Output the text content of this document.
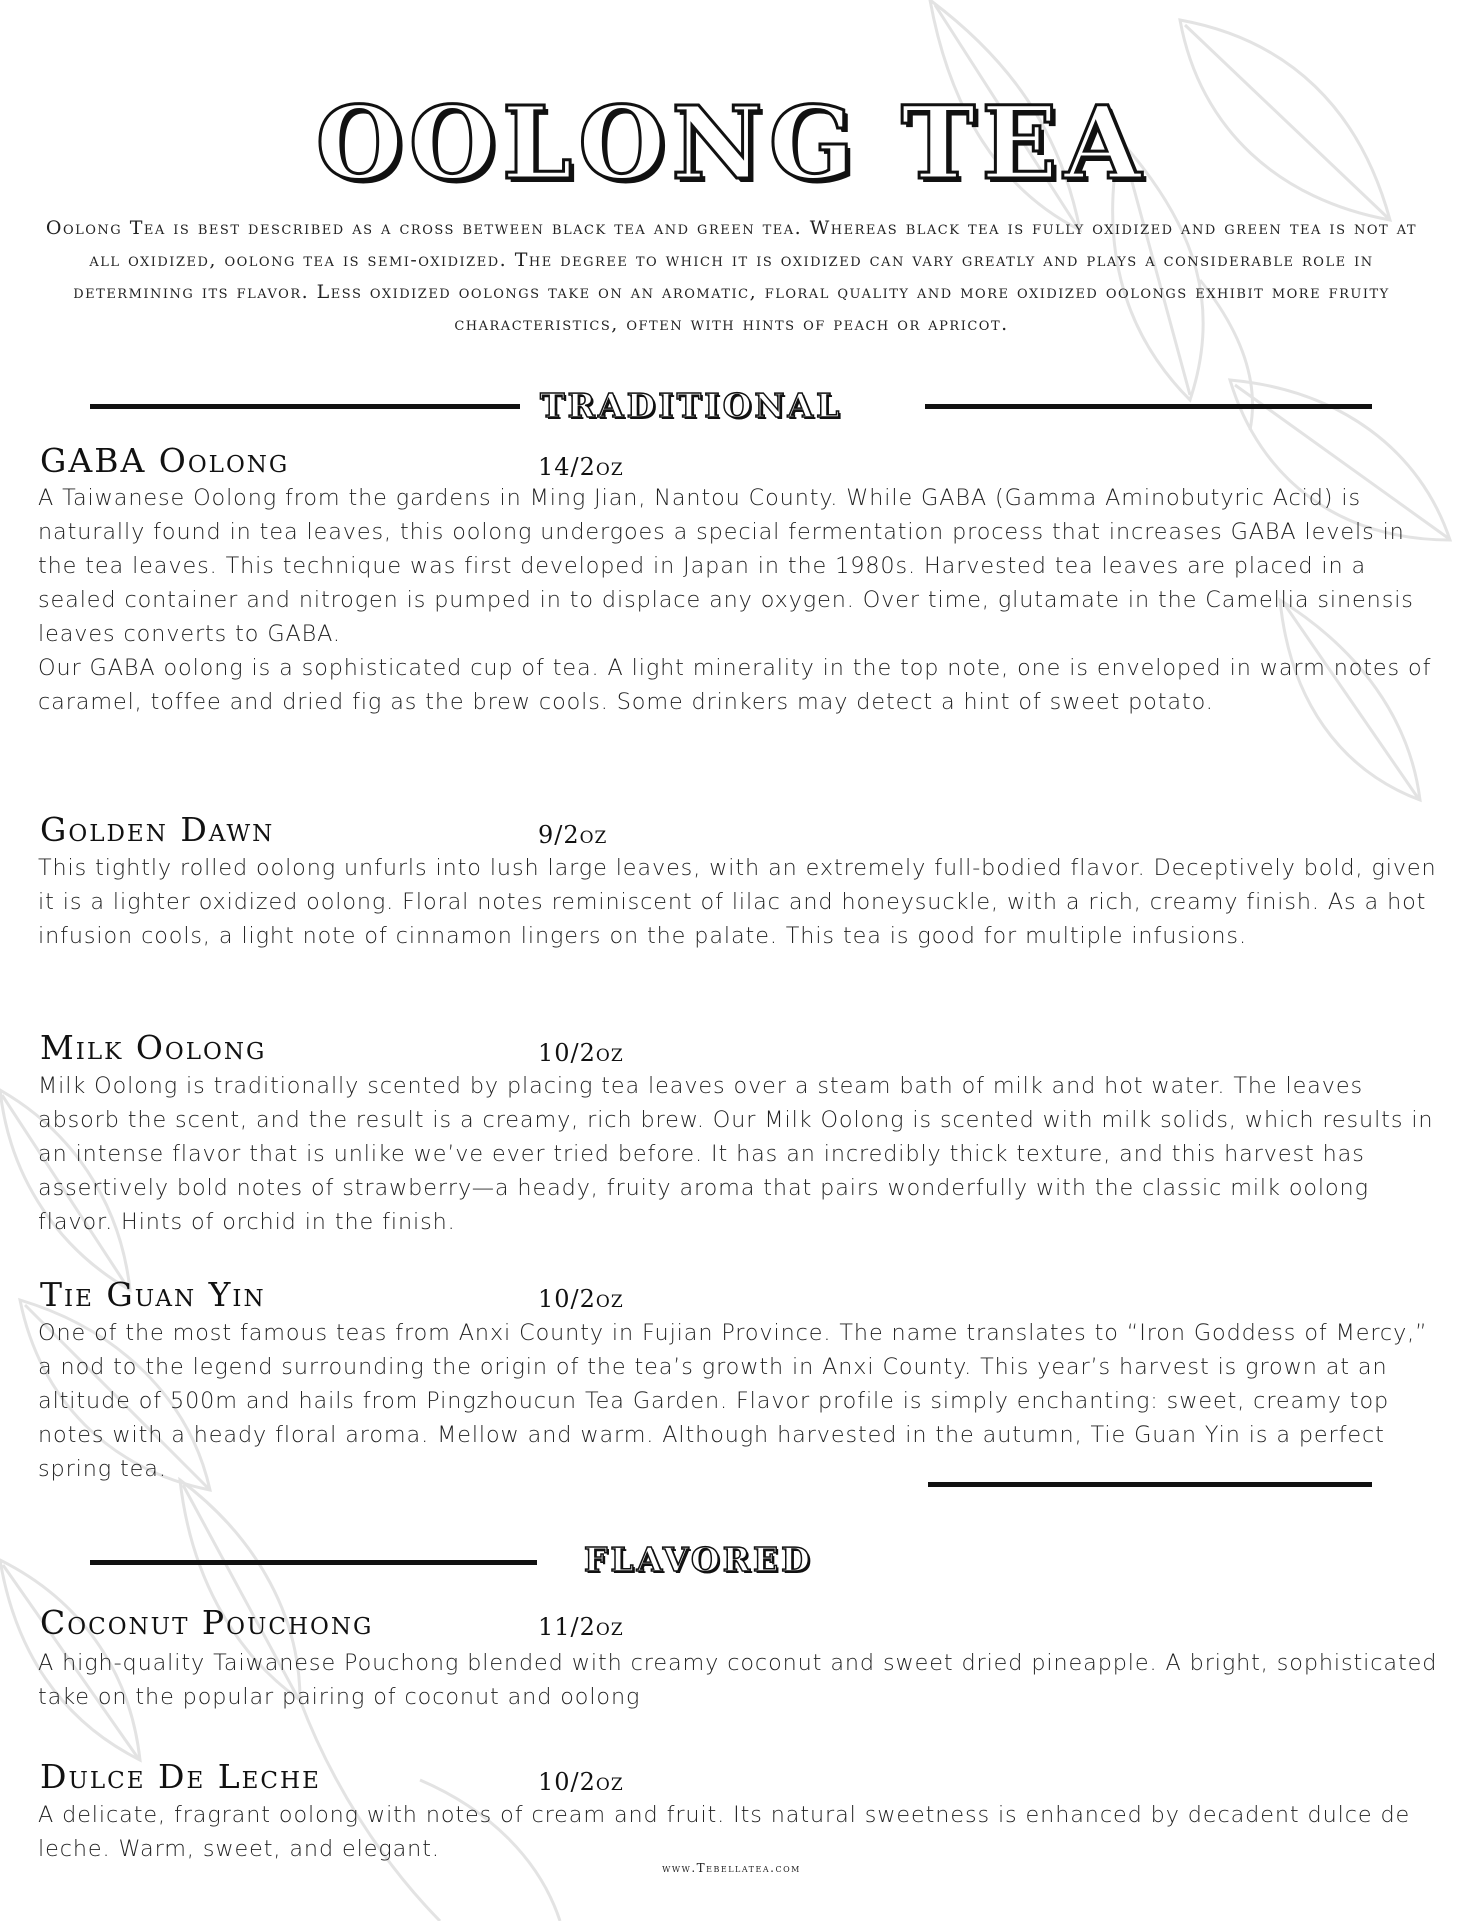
OOLONG TEA

Oolong Tea is best described as a cross between black tea and green tea. Whereas black tea is fully oxidized and green tea is not at all oxidized, oolong tea is semi-oxidized. The degree to which it is oxidized can vary greatly and plays a considerable role in determining its flavor. Less oxidized oolongs take on an aromatic, floral quality and more oxidized oolongs exhibit more fruity characteristics, often with hints of peach or apricot.

TRADITIONAL
GABA Oolong	14/2oz

A Taiwanese Oolong from the gardens in Ming Jian, Nantou County. While GABA (Gamma Aminobutyric Acid) is naturally found in tea leaves, this oolong undergoes a special fermentation process that increases GABA levels in the tea leaves. This technique was first developed in Japan in the 1980s. Harvested tea leaves are placed in a sealed container and nitrogen is pumped in to displace any oxygen. Over time, glutamate in the Camellia sinensis leaves converts to GABA.
Our GABA oolong is a sophisticated cup of tea. A light minerality in the top note, one is enveloped in warm notes of caramel, toffee and dried fig as the brew cools. Some drinkers may detect a hint of sweet potato.

Golden Dawn	9/2oz

This tightly rolled oolong unfurls into lush large leaves, with an extremely full-bodied flavor. Deceptively bold, given it is a lighter oxidized oolong. Floral notes reminiscent of lilac and honeysuckle, with a rich, creamy finish. As a hot infusion cools, a light note of cinnamon lingers on the palate. This tea is good for multiple infusions.

Milk Oolong	10/2oz

Milk Oolong is traditionally scented by placing tea leaves over a steam bath of milk and hot water. The leaves absorb the scent, and the result is a creamy, rich brew. Our Milk Oolong is scented with milk solids, which results in an intense flavor that is unlike we’ve ever tried before. It has an incredibly thick texture, and this harvest has assertively bold notes of strawberry—a heady, fruity aroma that pairs wonderfully with the classic milk oolong flavor. Hints of orchid in the finish.

Tie Guan Yin	10/2oz

One of the most famous teas from Anxi County in Fujian Province. The name translates to “Iron Goddess of Mercy,” a nod to the legend surrounding the origin of the tea’s growth in Anxi County. This year’s harvest is grown at an altitude of 500m and hails from Pingzhoucun Tea Garden. Flavor profile is simply enchanting: sweet, creamy top notes with a heady floral aroma. Mellow and warm. Although harvested in the autumn, Tie Guan Yin is a perfect spring tea.

FLAVORED
Coconut Pouchong	11/2oz

A high-quality Taiwanese Pouchong blended with creamy coconut and sweet dried pineapple. A bright, sophisticated take on the popular pairing of coconut and oolong

Dulce De Leche	10/2oz

A delicate, fragrant oolong with notes of cream and fruit. Its natural sweetness is enhanced by decadent dulce de leche. Warm, sweet, and elegant.

www.Tebellatea.com
